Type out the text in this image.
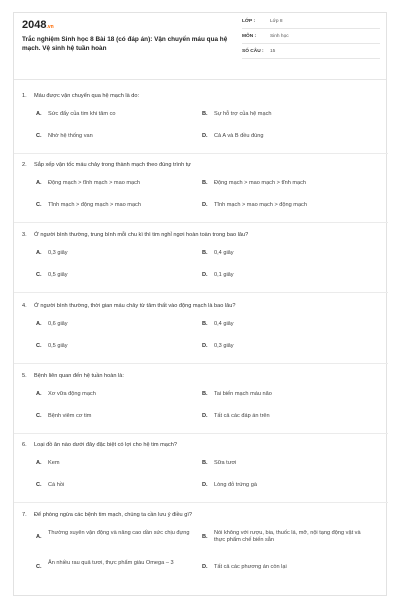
2048.vn
Trắc nghiệm Sinh học 8 Bài 18 (có đáp án): Vận chuyển máu qua hệ mạch. Vệ sinh hệ tuần hoàn
LỚP :	Lớp 8
MÔN :	Sinh học
SỐ CÂU : 15
1. Máu được vận chuyển qua hệ mạch là do:
A. Sức đẩy của tim khi tâm co	B. Sự hỗ trợ của hệ mạch
C. Nhờ hệ thống van	D. Cả A và B đều đúng
2. Sắp xếp vận tốc máu chảy trong thành mạch theo đúng trình tự
A. Động mạch > tĩnh mạch > mao mạch	B. Động mạch > mao mạch > tĩnh mạch
C. Tĩnh mạch > động mạch > mao mạch	D. Tĩnh mạch > mao mạch > động mạch
3. Ở người bình thường, trung bình mỗi chu kì thì tim nghỉ ngơi hoàn toàn trong bao lâu?
A. 0,3 giây	B. 0,4 giây
C. 0,5 giây	D. 0,1 giây
4. Ở người bình thường, thời gian máu chảy từ tâm thất vào động mạch là bao lâu?
A. 0,6 giây	B. 0,4 giây
C. 0,5 giây	D. 0,3 giây
5. Bệnh liên quan đến hệ tuần hoàn là:
A. Xơ vữa động mạch	B. Tai biến mạch máu não
C. Bệnh viêm cơ tim	D. Tất cả các đáp án trên
6. Loại đồ ăn nào dưới đây đặc biệt có lợi cho hệ tim mạch?
A. Kem	B. Sữa tươi
C. Cá hồi	D. Lòng đỏ trứng gà
7. Để phòng ngừa các bệnh tim mạch, chúng ta cần lưu ý điều gì?
A.
Thường xuyên vận động và nâng cao dần sức chịu đựng
B.
Nói không với rượu, bia, thuốc lá, mỡ, nội tạng động vật và thực phẩm chế biến sẵn
C.
Ăn nhiều rau quả tươi, thực phẩm giàu Omega – 3
D. Tất cả các phương án còn lại
